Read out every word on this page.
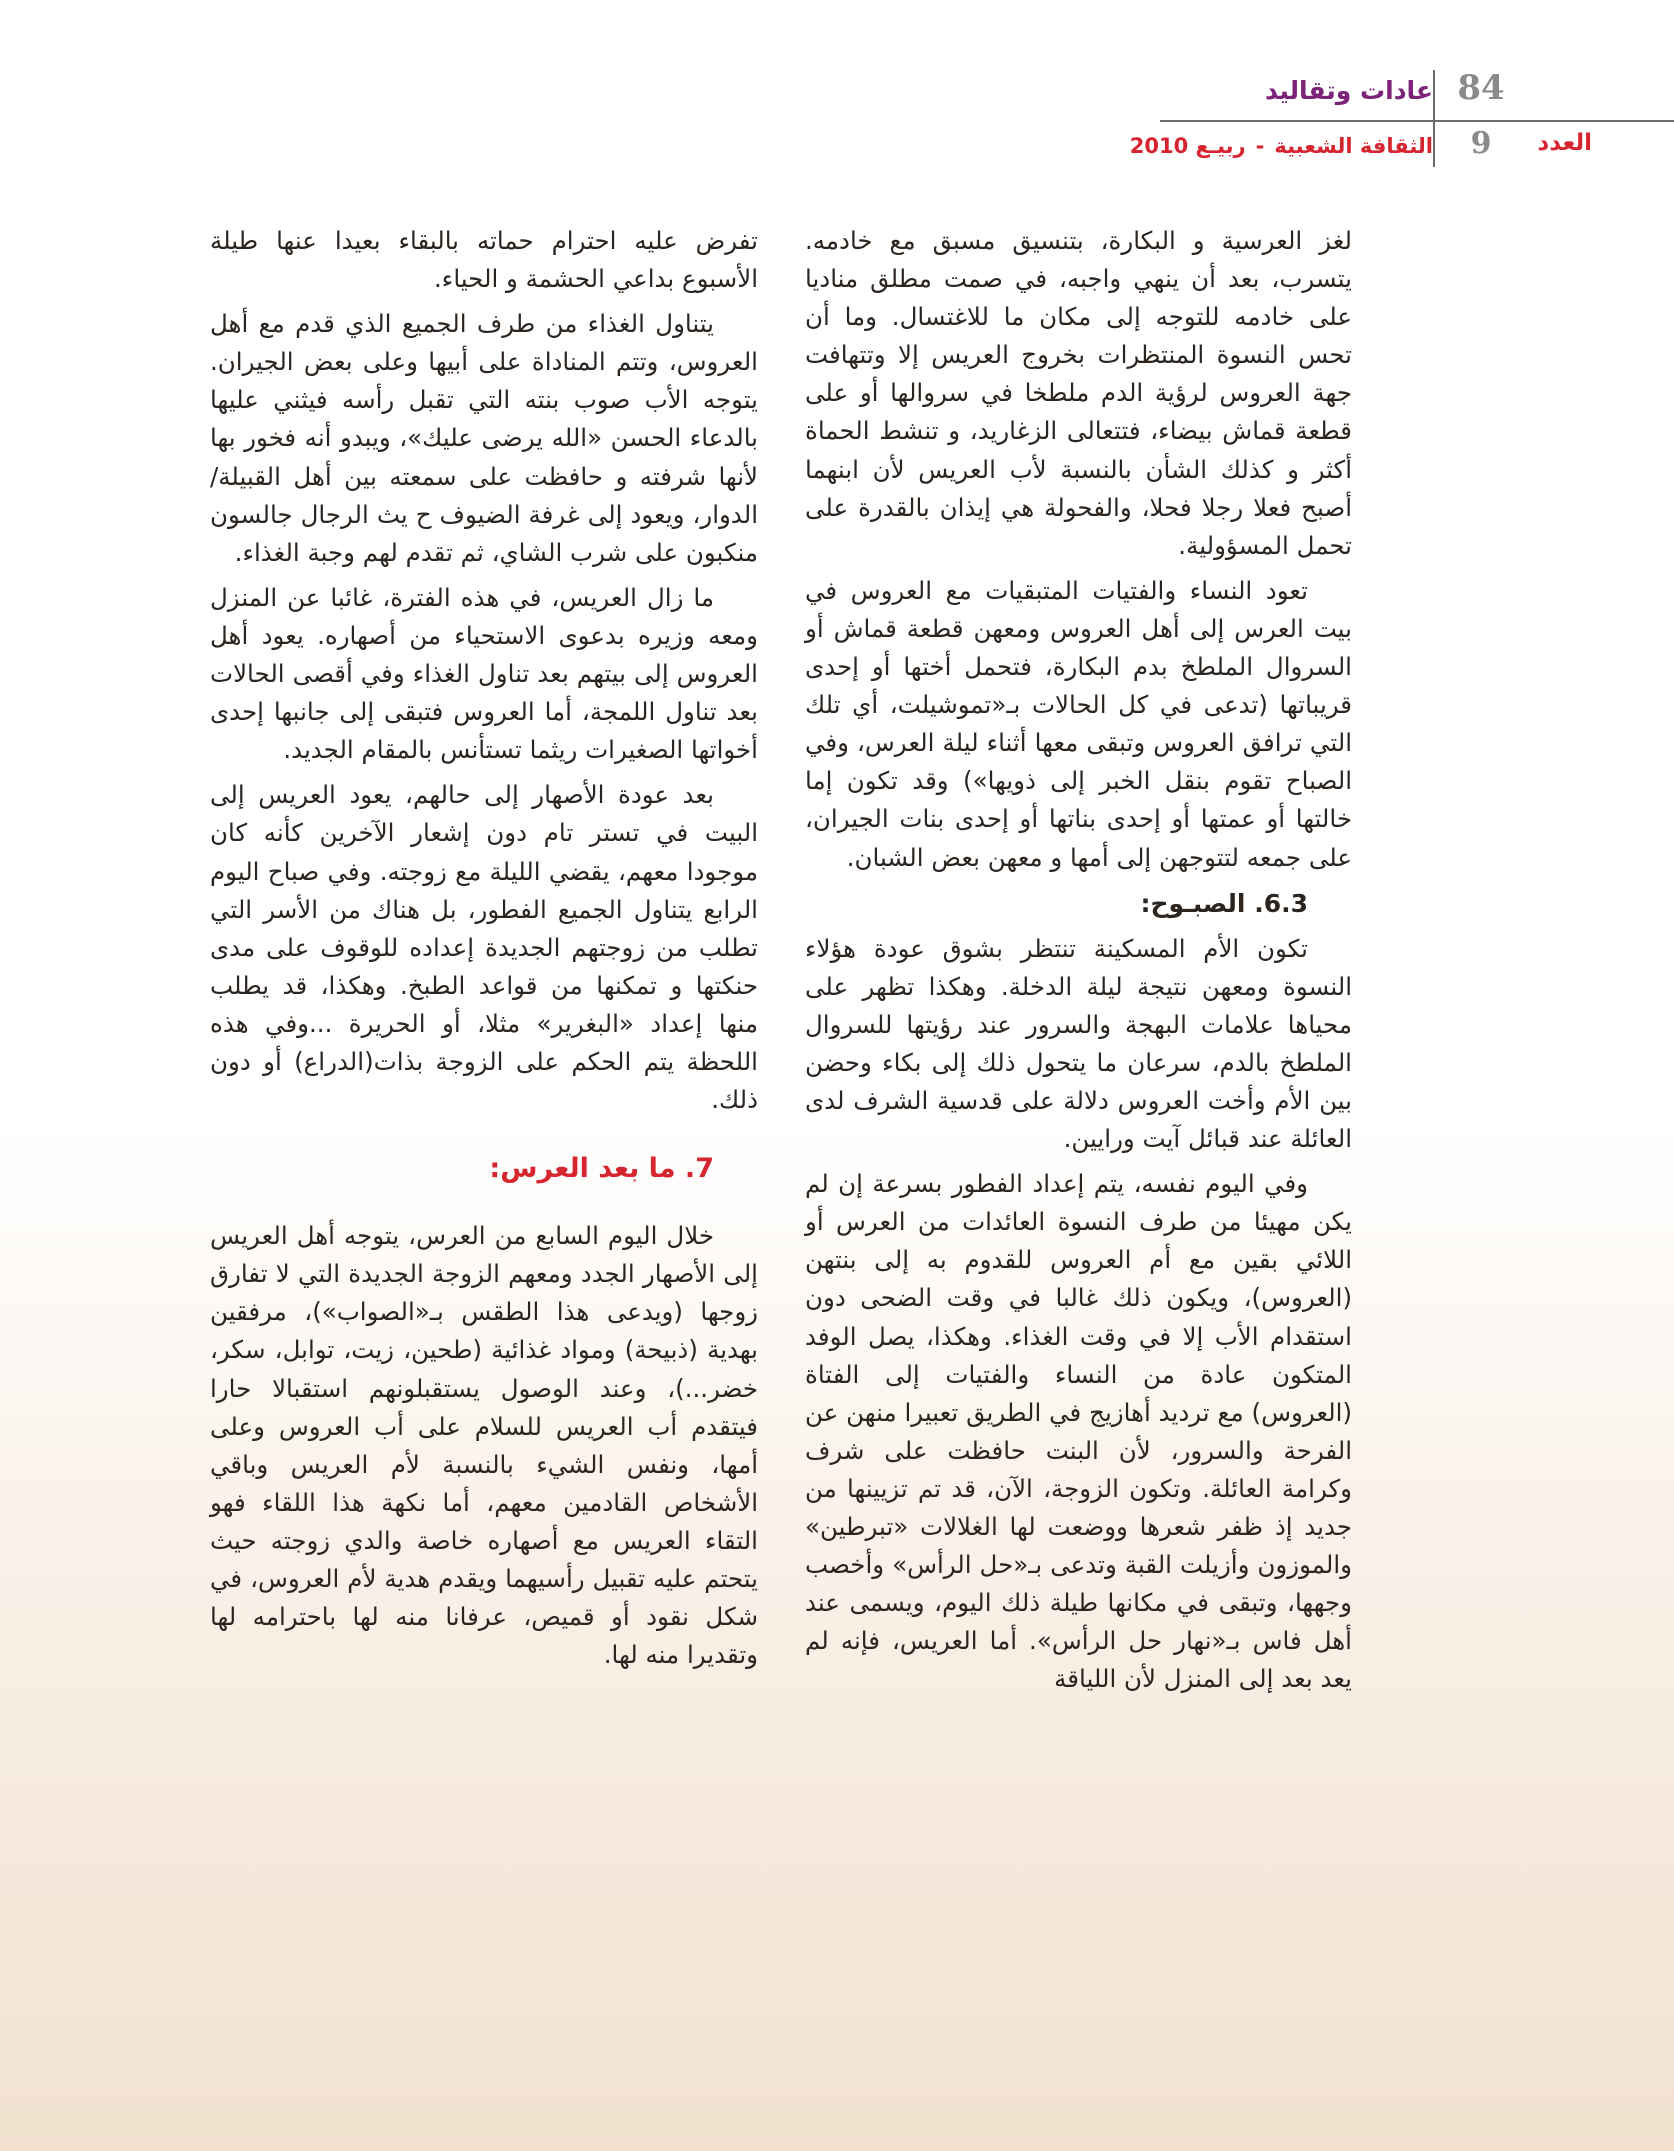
84
عادات وتقاليد
العدد
9
الثقافة الشعبية-ربيـع 2010

لغز العرسية و البكارة، بتنسيق مسبق مع خادمه. يتسرب، بعد أن ينهي واجبه، في صمت مطلق مناديا على خادمه للتوجه إلى مكان ما للاغتسال. وما أن تحس النسوة المنتظرات بخروج العريس إلا وتتهافت جهة العروس لرؤية الدم ملطخا في سروالها أو على قطعة قماش بيضاء، فتتعالى الزغاريد، و تنشط الحماة أكثر و كذلك الشأن بالنسبة لأب العريس لأن ابنهما أصبح فعلا رجلا فحلا، والفحولة هي إيذان بالقدرة على تحمل المسؤولية.

تعود النساء والفتيات المتبقيات مع العروس في بيت العرس إلى أهل العروس ومعهن قطعة قماش أو السروال الملطخ بدم البكارة، فتحمل أختها أو إحدى قريباتها (تدعى في كل الحالات بـ«تموشيلت، أي تلك التي ترافق العروس وتبقى معها أثناء ليلة العرس، وفي الصباح تقوم بنقل الخبر إلى ذويها») وقد تكون إما خالتها أو عمتها أو إحدى بناتها أو إحدى بنات الجيران، على جمعه لتتوجهن إلى أمها و معهن بعض الشبان.

6.3. الصبـوح:

تكون الأم المسكينة تنتظر بشوق عودة هؤلاء النسوة ومعهن نتيجة ليلة الدخلة. وهكذا تظهر على محياها علامات البهجة والسرور عند رؤيتها للسروال الملطخ بالدم، سرعان ما يتحول ذلك إلى بكاء وحضن بين الأم وأخت العروس دلالة على قدسية الشرف لدى العائلة عند قبائل آيت ورايين.

وفي اليوم نفسه، يتم إعداد الفطور بسرعة إن لم يكن مهيئا من طرف النسوة العائدات من العرس أو اللائي بقين مع أم العروس للقدوم به إلى بنتهن (العروس)، ويكون ذلك غالبا في وقت الضحى دون استقدام الأب إلا في وقت الغذاء. وهكذا، يصل الوفد المتكون عادة من النساء والفتيات إلى الفتاة (العروس) مع ترديد أهازيج في الطريق تعبيرا منهن عن الفرحة والسرور، لأن البنت حافظت على شرف وكرامة العائلة. وتكون الزوجة، الآن، قد تم تزيينها من جديد إذ ظفر شعرها ووضعت لها الغلالات «تبرطين» والموزون وأزيلت القبة وتدعى بـ«حل الرأس» وأخصب وجهها، وتبقى في مكانها طيلة ذلك اليوم، ويسمى عند أهل فاس بـ«نهار حل الرأس». أما العريس، فإنه لم يعد بعد إلى المنزل لأن اللياقة

تفرض عليه احترام حماته بالبقاء بعيدا عنها طيلة الأسبوع بداعي الحشمة و الحياء.

يتناول الغذاء من طرف الجميع الذي قدم مع أهل العروس، وتتم المناداة على أبيها وعلى بعض الجيران. يتوجه الأب صوب بنته التي تقبل رأسه فيثني عليها بالدعاء الحسن «الله يرضى عليك»، ويبدو أنه فخور بها لأنها شرفته و حافظت على سمعته بين أهل القبيلة/الدوار، ويعود إلى غرفة الضيوف ح يث الرجال جالسون منكبون على شرب الشاي، ثم تقدم لهم وجبة الغذاء.

ما زال العريس، في هذه الفترة، غائبا عن المنزل ومعه وزيره بدعوى الاستحياء من أصهاره. يعود أهل العروس إلى بيتهم بعد تناول الغذاء وفي أقصى الحالات بعد تناول اللمجة، أما العروس فتبقى إلى جانبها إحدى أخواتها الصغيرات ريثما تستأنس بالمقام الجديد.

بعد عودة الأصهار إلى حالهم، يعود العريس إلى البيت في تستر تام دون إشعار الآخرين كأنه كان موجودا معهم، يقضي الليلة مع زوجته. وفي صباح اليوم الرابع يتناول الجميع الفطور، بل هناك من الأسر التي تطلب من زوجتهم الجديدة إعداده للوقوف على مدى حنكتها و تمكنها من قواعد الطبخ. وهكذا، قد يطلب منها إعداد «البغرير» مثلا، أو الحريرة ...وفي هذه اللحظة يتم الحكم على الزوجة بذات(الدراع) أو دون ذلك.

7. ما بعد العرس:

خلال اليوم السابع من العرس، يتوجه أهل العريس إلى الأصهار الجدد ومعهم الزوجة الجديدة التي لا تفارق زوجها (ويدعى هذا الطقس بـ«الصواب»)، مرفقين بهدية (ذبيحة) ومواد غذائية (طحين، زيت، توابل، سكر، خضر...)، وعند الوصول يستقبلونهم استقبالا حارا فيتقدم أب العريس للسلام على أب العروس وعلى أمها، ونفس الشيء بالنسبة لأم العريس وباقي الأشخاص القادمين معهم، أما نكهة هذا اللقاء فهو التقاء العريس مع أصهاره خاصة والدي زوجته حيث يتحتم عليه تقبيل رأسيهما ويقدم هدية لأم العروس، في شكل نقود أو قميص، عرفانا منه لها باحترامه لها وتقديرا منه لها.
